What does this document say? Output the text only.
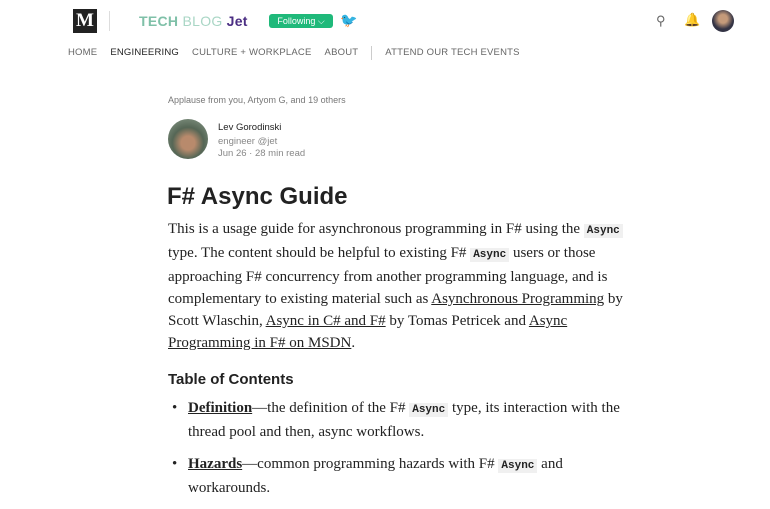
M	TECH BLOG Jet	Following ⌵	🐦	⚲ 🔔
HOME ENGINEERING CULTURE + WORKPLACE ABOUT	ATTEND OUR TECH EVENTS
Applause from you, Artyom G, and 19 others
Lev Gorodinski
engineer @jet
Jun 26 · 28 min read
F# Async Guide

This is a usage guide for asynchronous programming in F# using the Async type. The content should be helpful to existing F# Async users or those approaching F# concurrency from another programming language, and is complementary to existing material such as Asynchronous Programming by Scott Wlaschin, Async in C# and F# by Tomas Petricek and Async Programming in F# on MSDN.

Table of Contents
• Definition—the definition of the F# Async type, its interaction with the thread pool and then, async workflows.
• Hazards—common programming hazards with F# Async and workarounds.
